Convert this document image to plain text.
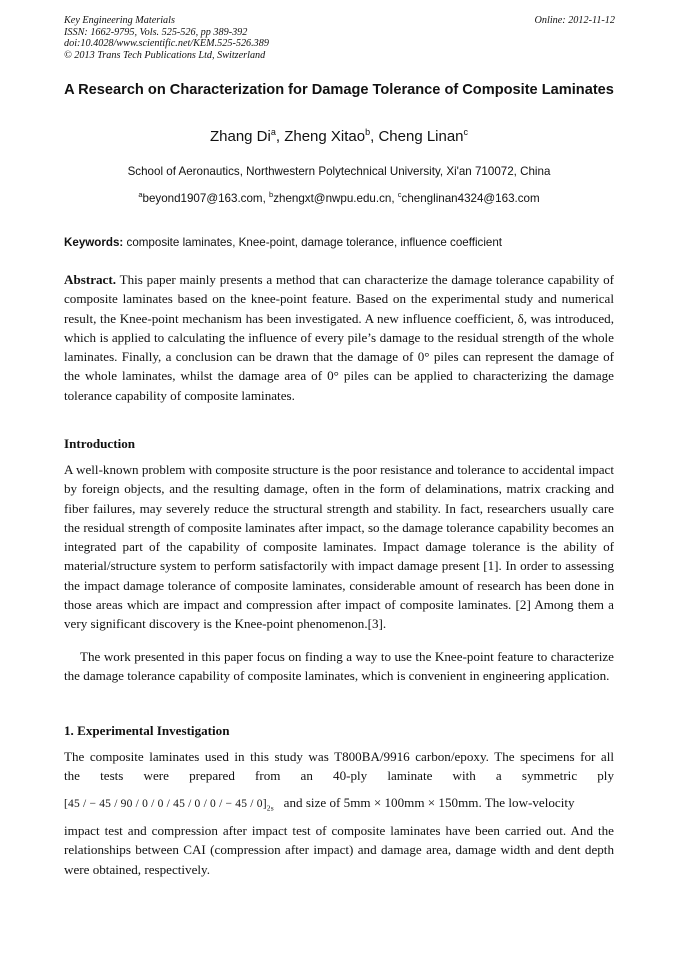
Key Engineering Materials
ISSN: 1662-9795, Vols. 525-526, pp 389-392
doi:10.4028/www.scientific.net/KEM.525-526.389
© 2013 Trans Tech Publications Ltd, Switzerland
Online: 2012-11-12
A Research on Characterization for Damage Tolerance of Composite Laminates
Zhang Di$^a$, Zheng Xitao$^b$, Cheng Linan$^c$
School of Aeronautics, Northwestern Polytechnical University, Xi'an 710072, China
$^a$beyond1907@163.com, $^b$zhengxt@nwpu.edu.cn, $^c$chenglinan4324@163.com
Keywords: composite laminates, Knee-point, damage tolerance, influence coefficient
Abstract. This paper mainly presents a method that can characterize the damage tolerance capability of composite laminates based on the knee-point feature. Based on the experimental study and numerical result, the Knee-point mechanism has been investigated. A new influence coefficient, δ, was introduced, which is applied to calculating the influence of every pile’s damage to the residual strength of the whole laminates. Finally, a conclusion can be drawn that the damage of 0° piles can represent the damage of the whole laminates, whilst the damage area of 0° piles can be applied to characterizing the damage tolerance capability of composite laminates.
Introduction
A well-known problem with composite structure is the poor resistance and tolerance to accidental impact by foreign objects, and the resulting damage, often in the form of delaminations, matrix cracking and fiber failures, may severely reduce the structural strength and stability. In fact, researchers usually care the residual strength of composite laminates after impact, so the damage tolerance capability becomes an integrated part of the capability of composite laminates. Impact damage tolerance is the ability of material/structure system to perform satisfactorily with impact damage present [1]. In order to assessing the impact damage tolerance of composite laminates, considerable amount of research has been done in those areas which are impact and compression after impact of composite laminates. [2] Among them a very significant discovery is the Knee-point phenomenon.[3].
The work presented in this paper focus on finding a way to use the Knee-point feature to characterize the damage tolerance capability of composite laminates, which is convenient in engineering application.
1. Experimental Investigation
The composite laminates used in this study was T800BA/9916 carbon/epoxy. The specimens for all
the tests were prepared from an 40-ply laminate with a symmetric ply
[45 / − 45 / 90 / 0 / 0 / 45 / 0 / 0 / − $45 / 0]_{2s}$ and size of 5mm × 100mm × 150mm. The low-velocity
impact test and compression after impact test of composite laminates have been carried out. And the relationships between CAI (compression after impact) and damage area, damage width and dent depth were obtained, respectively.
